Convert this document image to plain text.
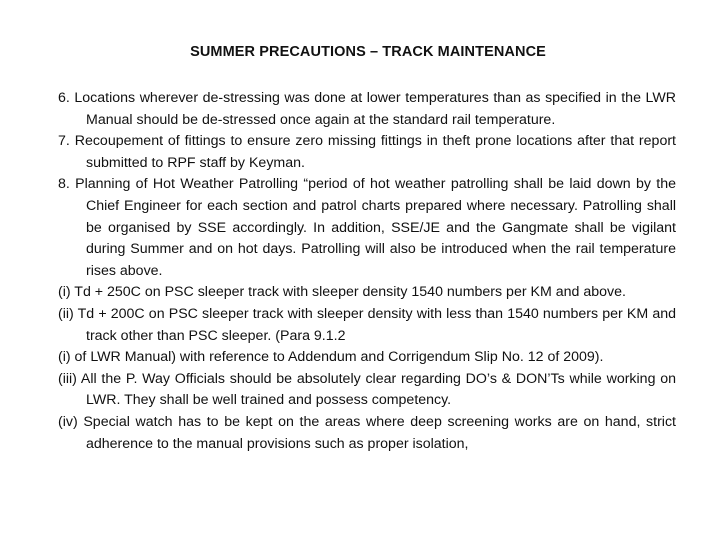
SUMMER PRECAUTIONS – TRACK MAINTENANCE

6. Locations wherever de-stressing was done at lower temperatures than as specified in the LWR Manual should be de-stressed once again at the standard rail temperature.

7. Recoupement of fittings to ensure zero missing fittings in theft prone locations after that report submitted to RPF staff by Keyman.

8. Planning of Hot Weather Patrolling “period of hot weather patrolling shall be laid down by the Chief Engineer for each section and patrol charts prepared where necessary. Patrolling shall be organised by SSE accordingly. In addition, SSE/JE and the Gangmate shall be vigilant during Summer and on hot days. Patrolling will also be introduced when the rail temperature rises above.

(i) Td + 250C on PSC sleeper track with sleeper density 1540 numbers per KM and above.

(ii) Td + 200C on PSC sleeper track with sleeper density with less than 1540 numbers per KM and track other than PSC sleeper. (Para 9.1.2

(i) of LWR Manual) with reference to Addendum and Corrigendum Slip No. 12 of 2009).

(iii) All the P. Way Officials should be absolutely clear regarding DO’s & DON’Ts while working on LWR. They shall be well trained and possess competency.

(iv) Special watch has to be kept on the areas where deep screening works are on hand, strict adherence to the manual provisions such as proper isolation,
